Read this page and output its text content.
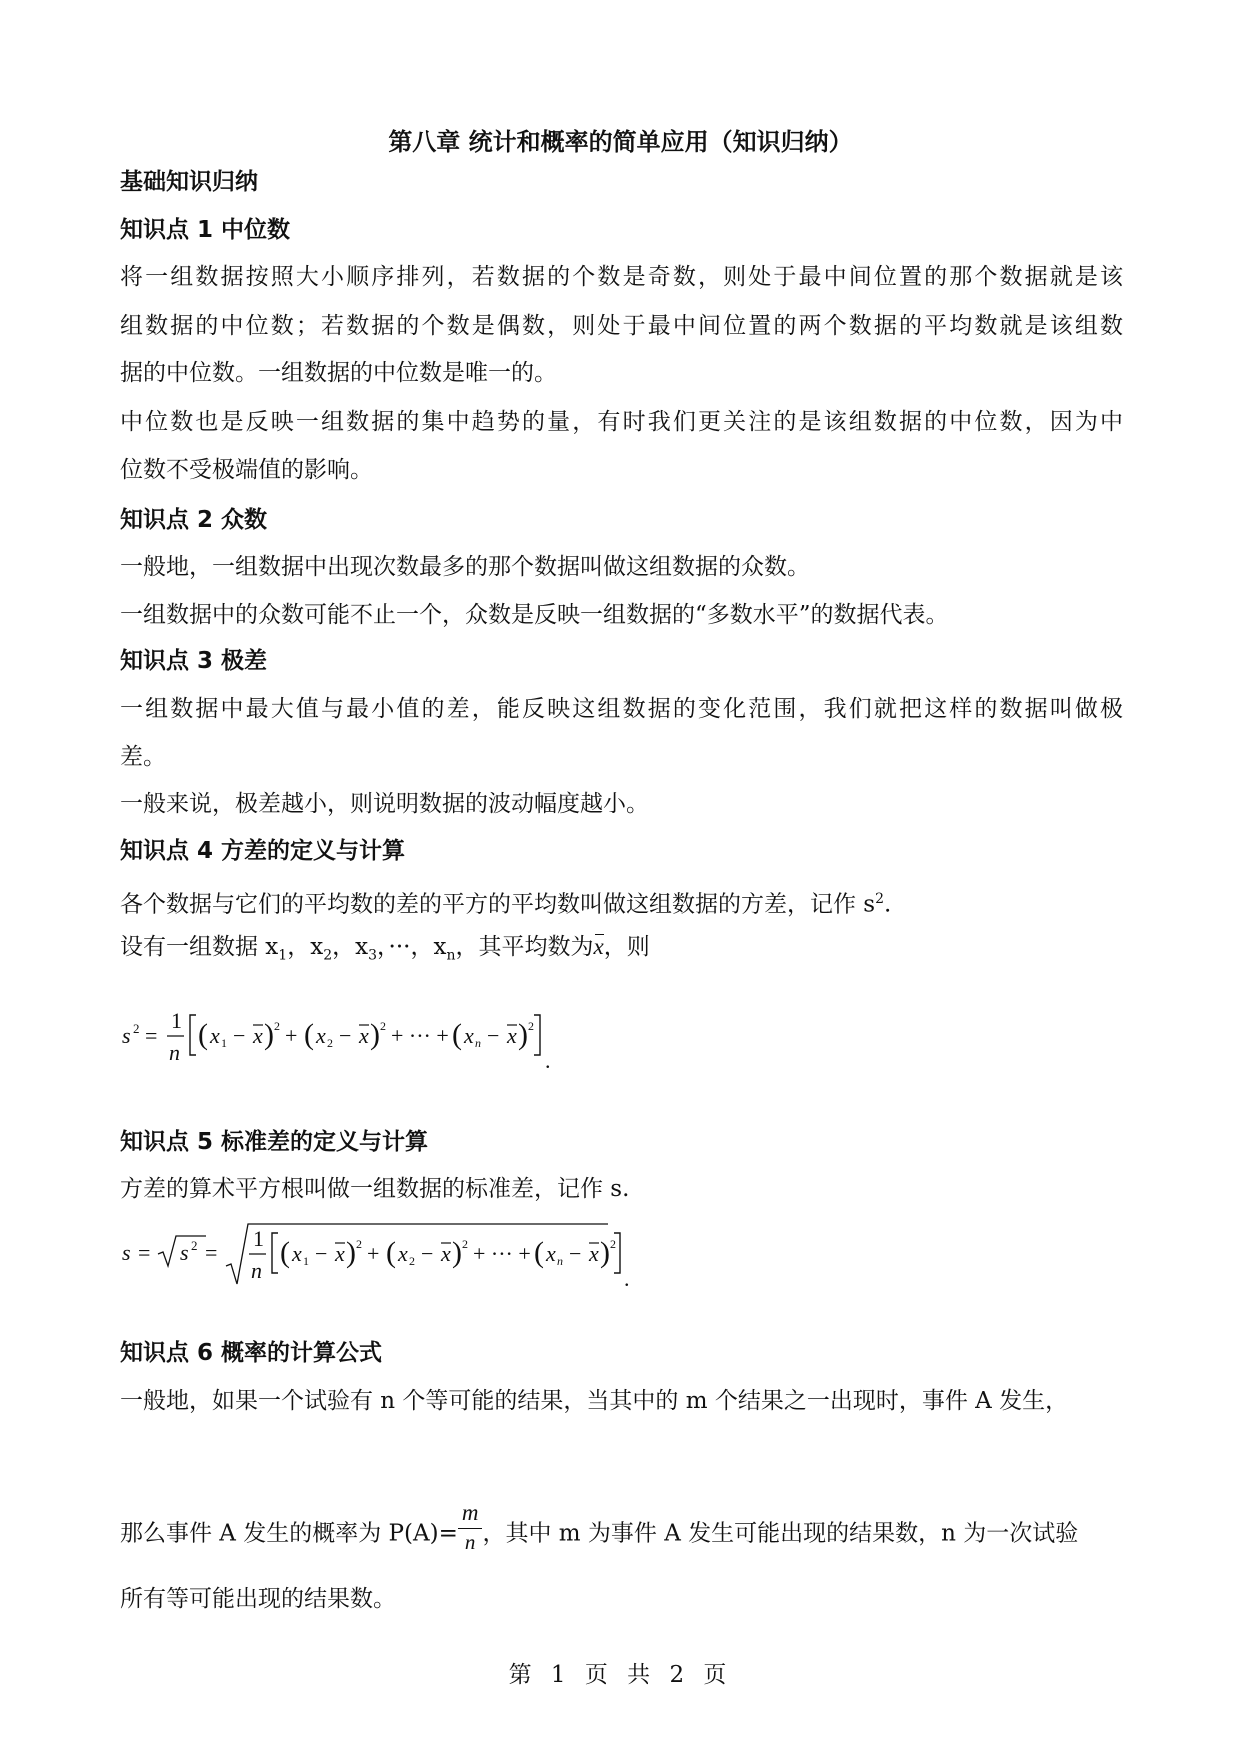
第八章 统计和概率的简单应用（知识归纳）
基础知识归纳
知识点 1 中位数
将一组数据按照大小顺序排列，若数据的个数是奇数，则处于最中间位置的那个数据就是该
组数据的中位数；若数据的个数是偶数，则处于最中间位置的两个数据的平均数就是该组数
据的中位数。一组数据的中位数是唯一的。
中位数也是反映一组数据的集中趋势的量，有时我们更关注的是该组数据的中位数，因为中
位数不受极端值的影响。
知识点 2 众数
一般地，一组数据中出现次数最多的那个数据叫做这组数据的众数。
一组数据中的众数可能不止一个，众数是反映一组数据的“多数水平”的数据代表。
知识点 3 极差
一组数据中最大值与最小值的差，能反映这组数据的变化范围，我们就把这样的数据叫做极
差。
一般来说，极差越小，则说明数据的波动幅度越小。
知识点 4 方差的定义与计算
各个数据与它们的平均数的差的平方的平均数叫做这组数据的方差，记作 $s^2$.
设有一组数据 $x_1$，$x_2$，$x_3$，···，$x_n$，其平均数为x，则
s 2 =
1
n
( x 1 − x ) 2 + ( x 2 − x ) 2 + ··· + ( x n − x ) 2
.
知识点 5 标准差的定义与计算
方差的算术平方根叫做一组数据的标准差，记作 s.
s = s 2 =
1
n
( x 1 − x ) 2 + ( x 2 − x ) 2 + ··· + ( x n − x ) 2
.
知识点 6 概率的计算公式
一般地，如果一个试验有 n 个等可能的结果，当其中的 m 个结果之一出现时，事件 A 发生，
那么事件 A 发生的概率为 $P(A)= \frac{m}{n}$ ，其中 m 为事件 A 发生可能出现的结果数，n 为一次试验
所有等可能出现的结果数。
第 1 页 共 2 页
